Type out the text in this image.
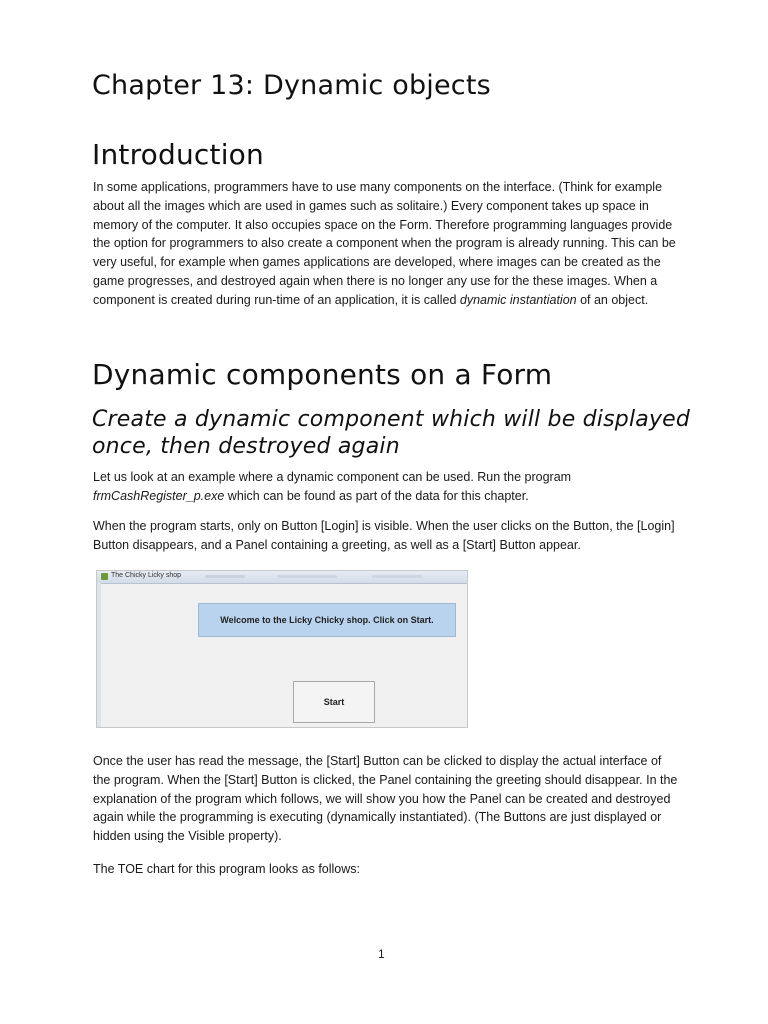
Chapter 13: Dynamic objects
Introduction

In some applications, programmers have to use many components on the interface. (Think for example about all the images which are used in games such as solitaire.) Every component takes up space in memory of the computer. It also occupies space on the Form. Therefore programming languages provide the option for programmers to also create a component when the program is already running. This can be very useful, for example when games applications are developed, where images can be created as the game progresses, and destroyed again when there is no longer any use for the these images. When a component is created during run-time of an application, it is called dynamic instantiation of an object.

Dynamic components on a Form
Create a dynamic component which will be displayed once, then destroyed again

Let us look at an example where a dynamic component can be used. Run the program frmCashRegister_p.exe which can be found as part of the data for this chapter.

When the program starts, only on Button [Login] is visible. When the user clicks on the Button, the [Login] Button disappears, and a Panel containing a greeting, as well as a [Start] Button appear.

The Chicky Licky shop
Welcome to the Licky Chicky shop. Click on Start.
Start

Once the user has read the message, the [Start] Button can be clicked to display the actual interface of the program. When the [Start] Button is clicked, the Panel containing the greeting should disappear. In the explanation of the program which follows, we will show you how the Panel can be created and destroyed again while the programming is executing (dynamically instantiated). (The Buttons are just displayed or hidden using the Visible property).

The TOE chart for this program looks as follows:

1
